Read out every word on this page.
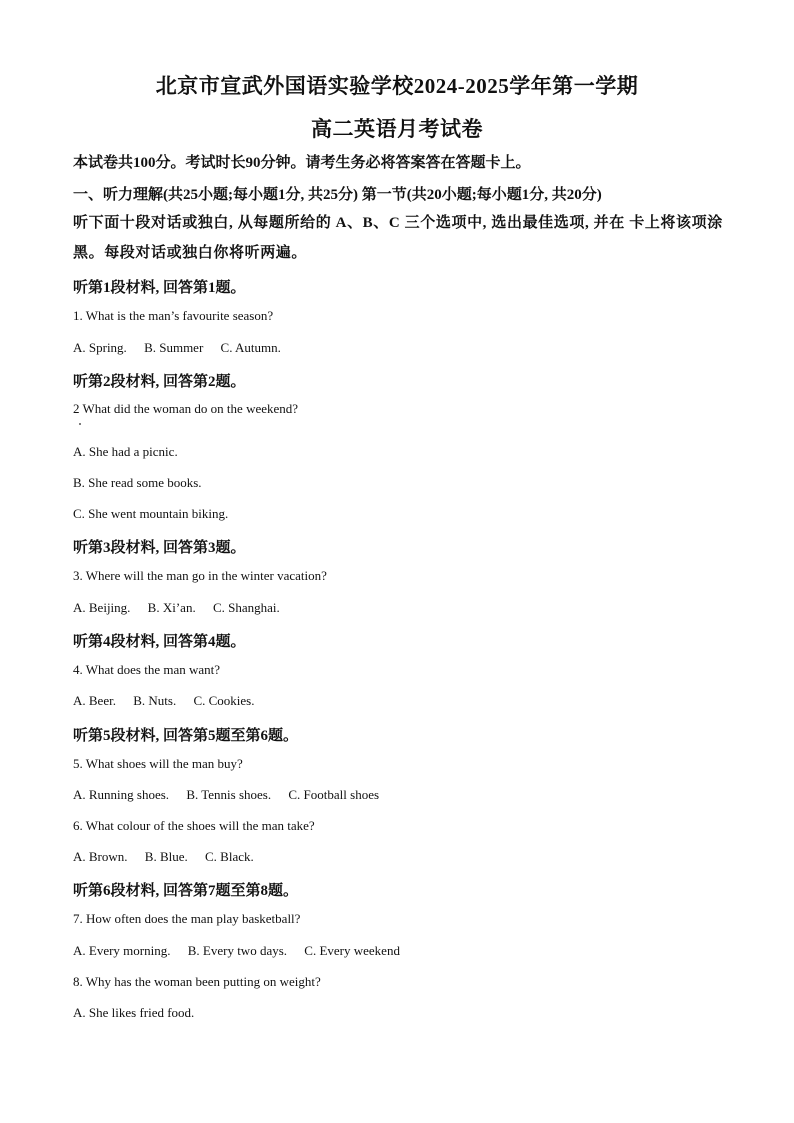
北京市宣武外国语实验学校2024-2025学年第一学期
高二英语月考试卷
本试卷共100分。考试时长90分钟。请考生务必将答案答在答题卡上。
一、听力理解(共25小题;每小题1分, 共25分) 第一节(共20小题;每小题1分, 共20分)
听下面十段对话或独白, 从每题所给的 A、B、C 三个选项中, 选出最佳选项, 并在 卡上将该项涂黑。每段对话或独白你将听两遍。
听第1段材料, 回答第1题。
1. What is the man’s favourite season?
A. Spring. B. Summer C. Autumn.
听第2段材料, 回答第2题。
2 What did the woman do on the weekend?
A. She had a picnic.
B. She read some books.
C. She went mountain biking.
听第3段材料, 回答第3题。
3. Where will the man go in the winter vacation?
A. Beijing. B. Xi’an. C. Shanghai.
听第4段材料, 回答第4题。
4. What does the man want?
A. Beer. B. Nuts. C. Cookies.
听第5段材料, 回答第5题至第6题。
5. What shoes will the man buy?
A. Running shoes. B. Tennis shoes. C. Football shoes
6. What colour of the shoes will the man take?
A. Brown. B. Blue. C. Black.
听第6段材料, 回答第7题至第8题。
7. How often does the man play basketball?
A. Every morning. B. Every two days. C. Every weekend
8. Why has the woman been putting on weight?
A. She likes fried food.
